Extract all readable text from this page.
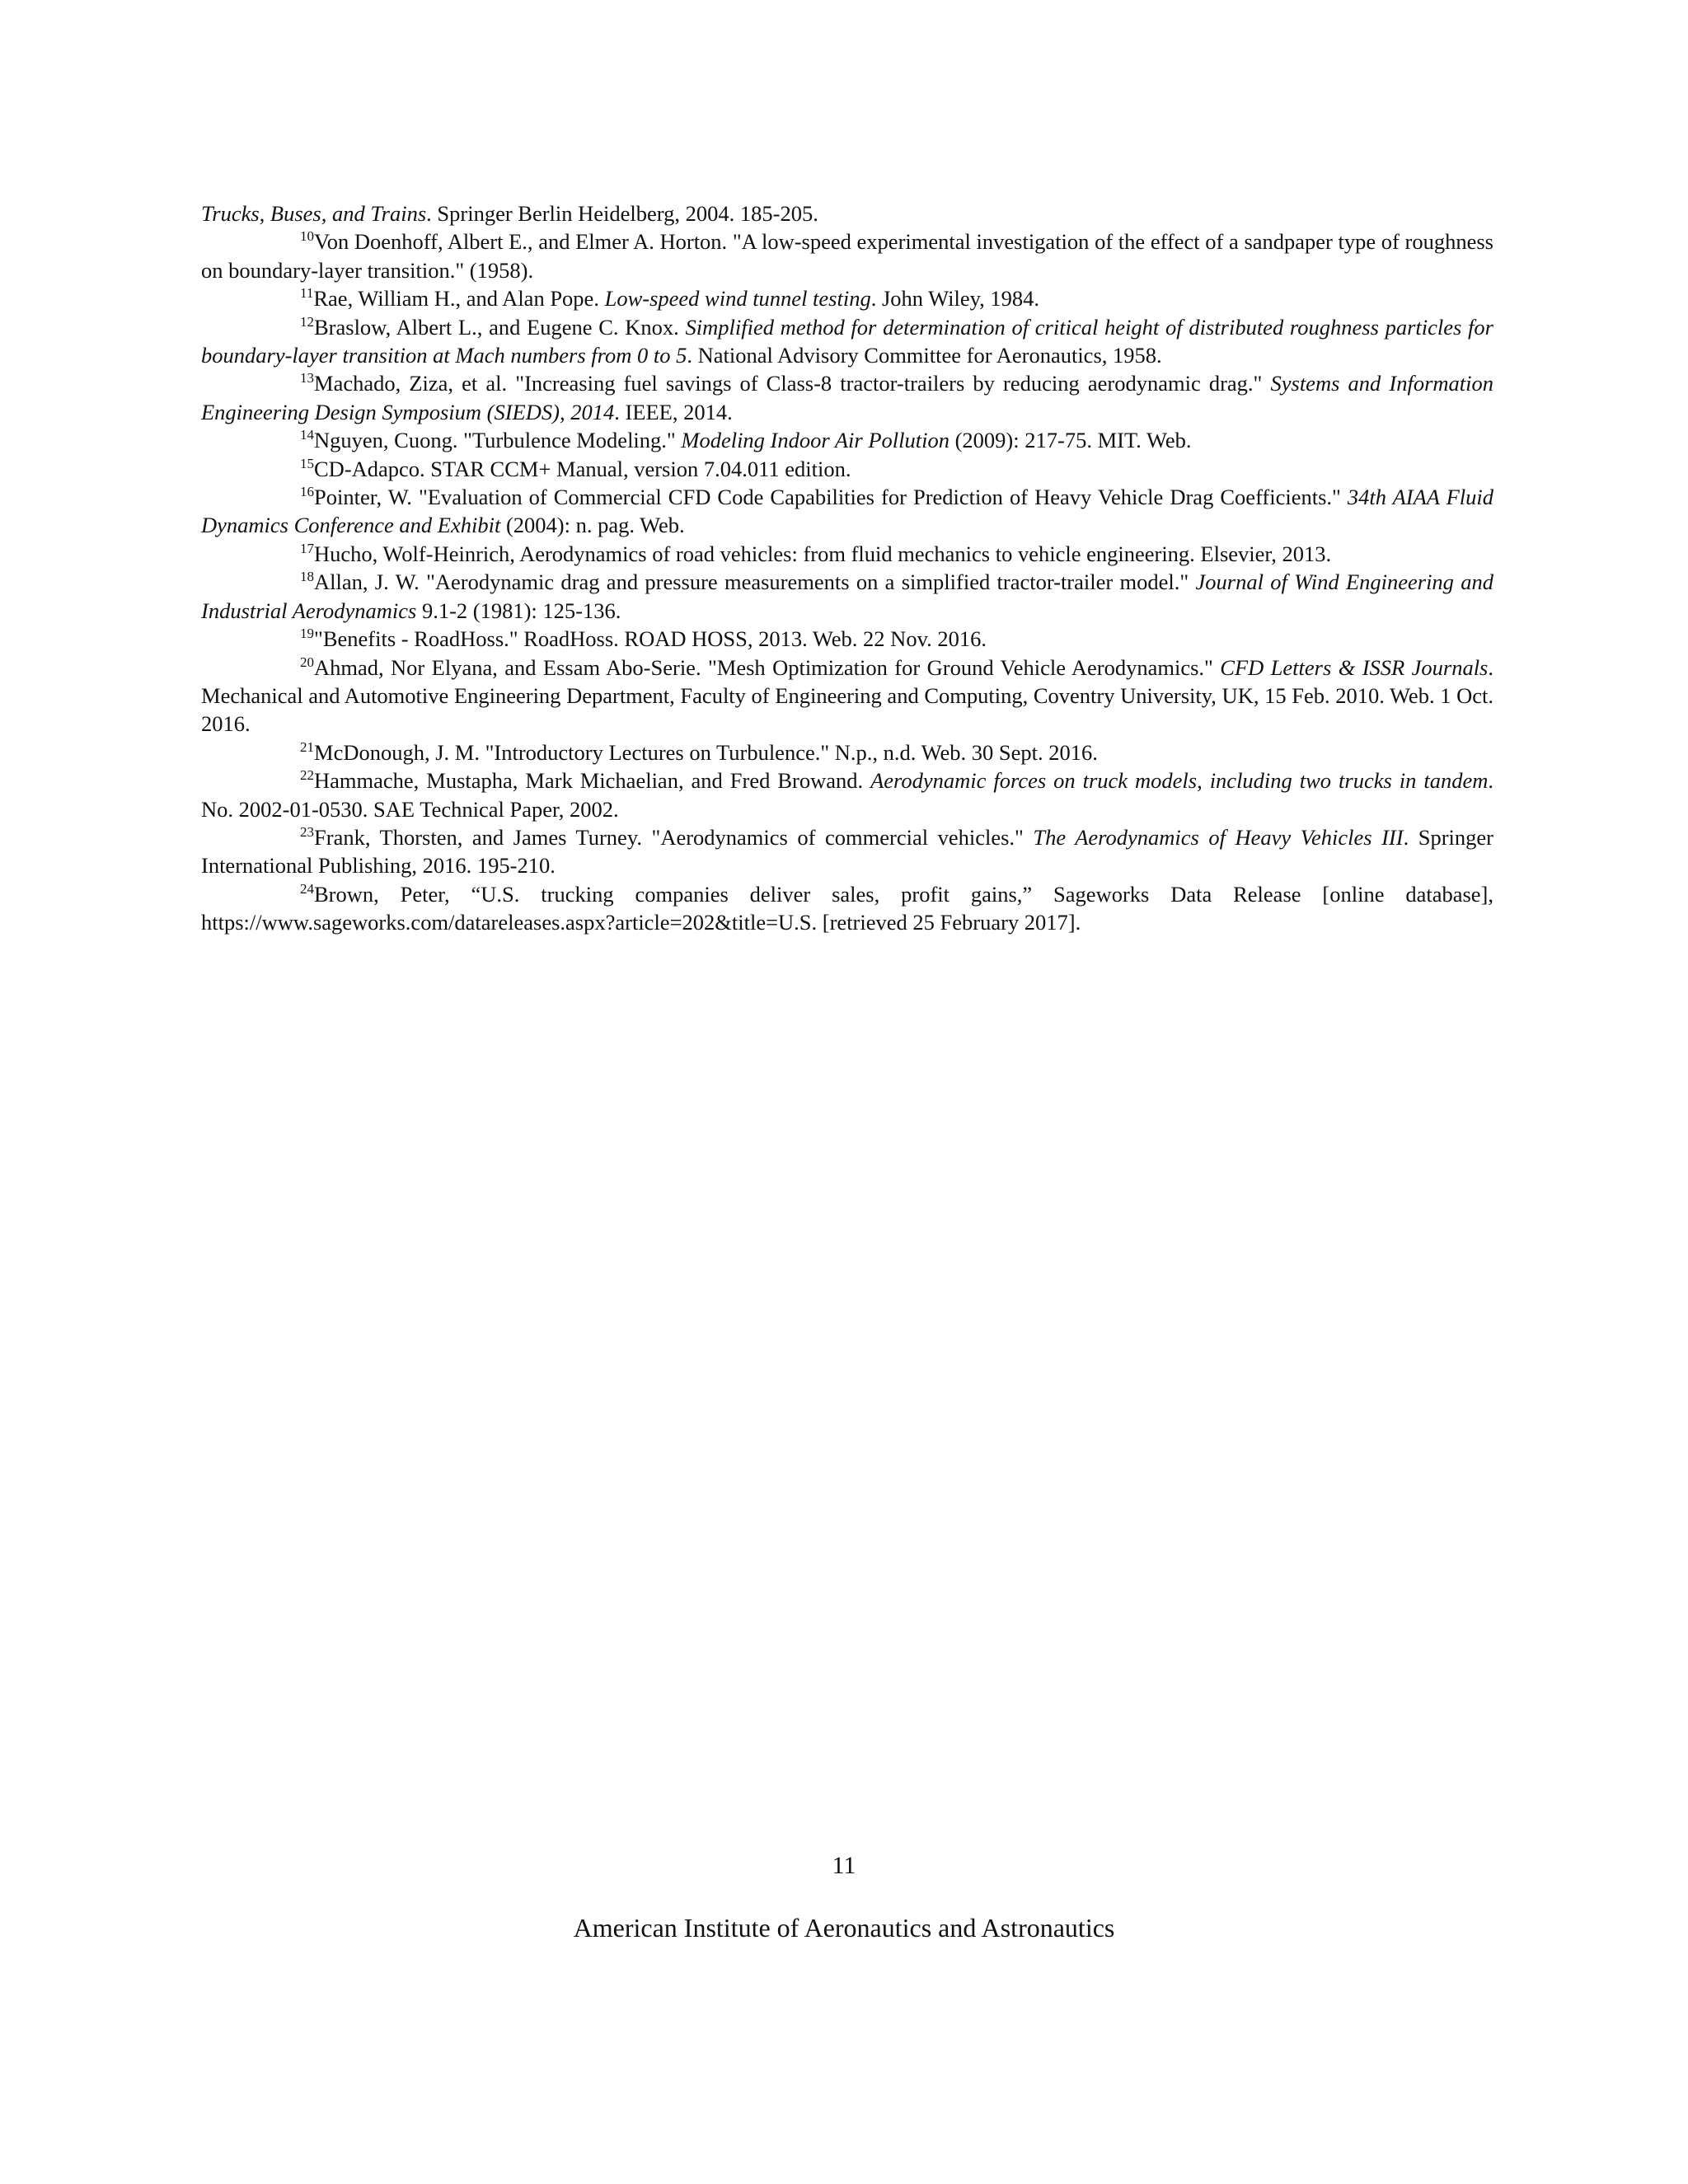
Trucks, Buses, and Trains. Springer Berlin Heidelberg, 2004. 185-205.

$^{10}$Von Doenhoff, Albert E., and Elmer A. Horton. "A low-speed experimental investigation of the effect of a sandpaper type of roughness on boundary-layer transition." (1958).

$^{11}$Rae, William H., and Alan Pope. Low-speed wind tunnel testing. John Wiley, 1984.

$^{12}$Braslow, Albert L., and Eugene C. Knox. Simplified method for determination of critical height of distributed roughness particles for boundary-layer transition at Mach numbers from 0 to 5. National Advisory Committee for Aeronautics, 1958.

$^{13}$Machado, Ziza, et al. "Increasing fuel savings of Class-8 tractor-trailers by reducing aerodynamic drag." Systems and Information Engineering Design Symposium (SIEDS), 2014. IEEE, 2014.

$^{14}$Nguyen, Cuong. "Turbulence Modeling." Modeling Indoor Air Pollution (2009): 217-75. MIT. Web.

$^{15}$CD-Adapco. STAR CCM+ Manual, version 7.04.011 edition.

$^{16}$Pointer, W. "Evaluation of Commercial CFD Code Capabilities for Prediction of Heavy Vehicle Drag Coefficients." 34th AIAA Fluid Dynamics Conference and Exhibit (2004): n. pag. Web.

$^{17}$Hucho, Wolf-Heinrich, Aerodynamics of road vehicles: from fluid mechanics to vehicle engineering. Elsevier, 2013.

$^{18}$Allan, J. W. "Aerodynamic drag and pressure measurements on a simplified tractor-trailer model." Journal of Wind Engineering and Industrial Aerodynamics 9.1-2 (1981): 125-136.

$^{19}$"Benefits - RoadHoss." RoadHoss. ROAD HOSS, 2013. Web. 22 Nov. 2016.

$^{20}$Ahmad, Nor Elyana, and Essam Abo-Serie. "Mesh Optimization for Ground Vehicle Aerodynamics." CFD Letters & ISSR Journals. Mechanical and Automotive Engineering Department, Faculty of Engineering and Computing, Coventry University, UK, 15 Feb. 2010. Web. 1 Oct. 2016.

$^{21}$McDonough, J. M. "Introductory Lectures on Turbulence." N.p., n.d. Web. 30 Sept. 2016.

$^{22}$Hammache, Mustapha, Mark Michaelian, and Fred Browand. Aerodynamic forces on truck models, including two trucks in tandem. No. 2002-01-0530. SAE Technical Paper, 2002.

$^{23}$Frank, Thorsten, and James Turney. "Aerodynamics of commercial vehicles." The Aerodynamics of Heavy Vehicles III. Springer International Publishing, 2016. 195-210.

$^{24}$Brown, Peter, “U.S. trucking companies deliver sales, profit gains,” Sageworks Data Release [online database], https://www.sageworks.com/datareleases.aspx?article=202&title=U.S. [retrieved 25 February 2017].

11
American Institute of Aeronautics and Astronautics
